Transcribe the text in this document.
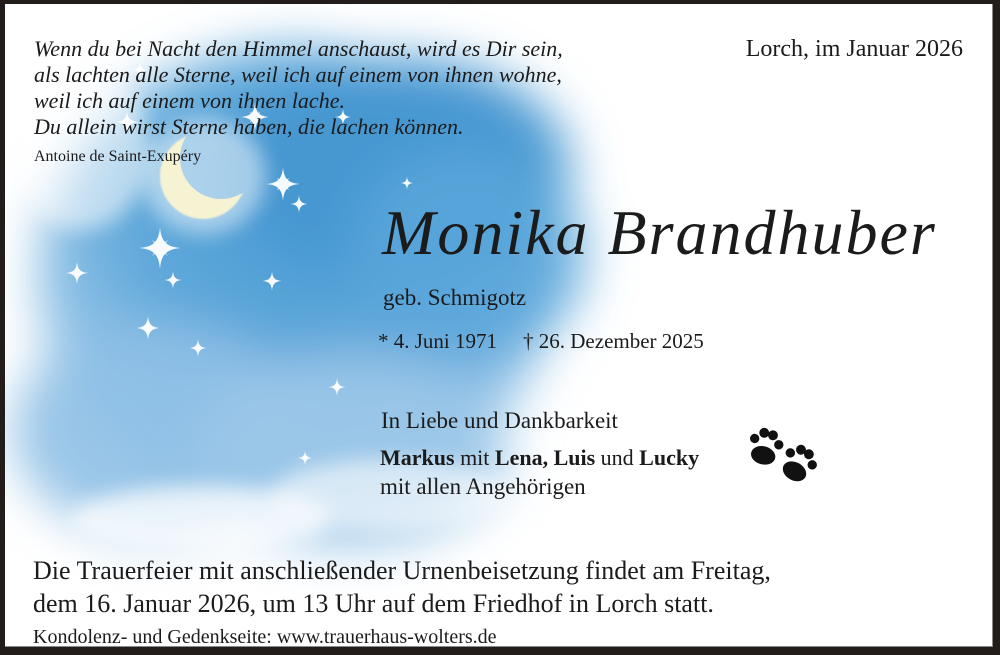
Wenn du bei Nacht den Himmel anschaust, wird es Dir sein,
als lachten alle Sterne, weil ich auf einem von ihnen wohne,
weil ich auf einem von ihnen lache.
Du allein wirst Sterne haben, die lachen können.
Antoine de Saint-Exupéry
Lorch, im Januar 2026
Monika Brandhuber
geb. Schmigotz
* 4. Juni 1971 † 26. Dezember 2025
In Liebe und Dankbarkeit
Markus mit Lena, Luis und Lucky
mit allen Angehörigen
Die Trauerfeier mit anschließender Urnenbeisetzung findet am Freitag,
dem 16. Januar 2026, um 13 Uhr auf dem Friedhof in Lorch statt.
Kondolenz- und Gedenkseite: www.trauerhaus-wolters.de
